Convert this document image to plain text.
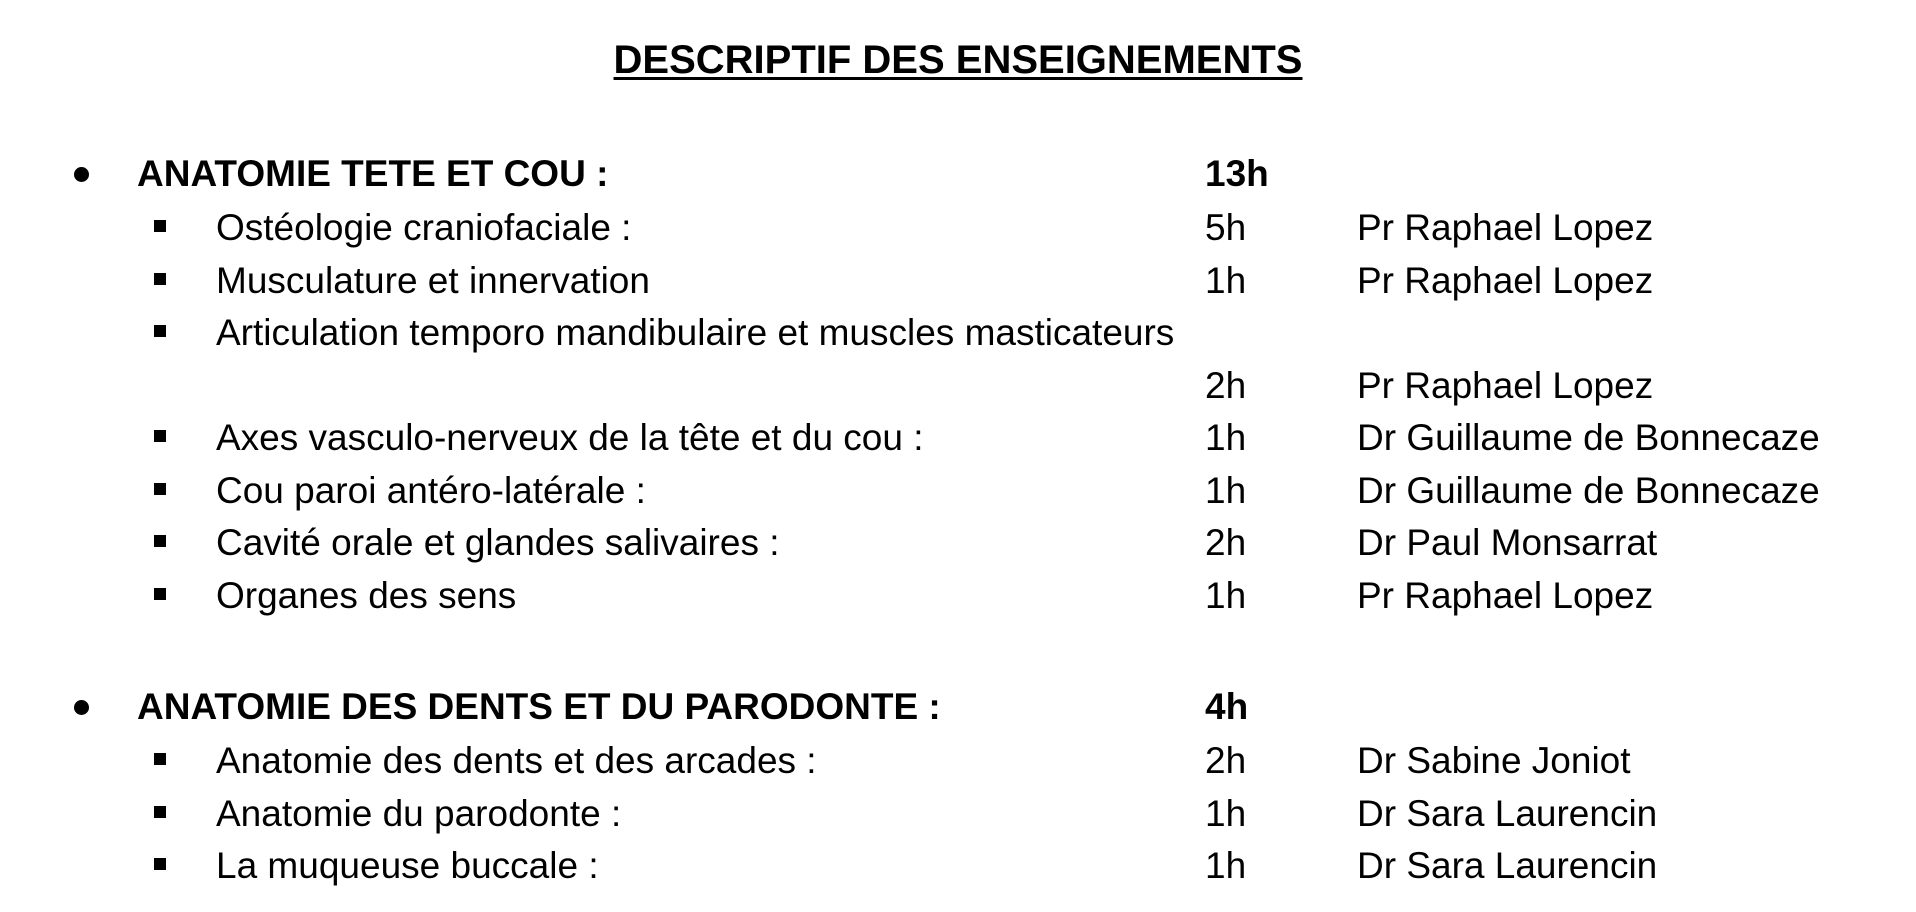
DESCRIPTIF DES ENSEIGNEMENTS
ANATOMIE TETE ET COU :	13h
Ostéologie craniofaciale :	5h	Pr Raphael Lopez
Musculature et innervation	1h	Pr Raphael Lopez
Articulation temporo mandibulaire et muscles masticateurs
2h	Pr Raphael Lopez
Axes vasculo-nerveux de la tête et du cou :	1h	Dr Guillaume de Bonnecaze
Cou paroi antéro-latérale :	1h	Dr Guillaume de Bonnecaze
Cavité orale et glandes salivaires :	2h	Dr Paul Monsarrat
Organes des sens	1h	Pr Raphael Lopez
ANATOMIE DES DENTS ET DU PARODONTE :	4h
Anatomie des dents et des arcades :	2h	Dr Sabine Joniot
Anatomie du parodonte :	1h	Dr Sara Laurencin
La muqueuse buccale :	1h	Dr Sara Laurencin
